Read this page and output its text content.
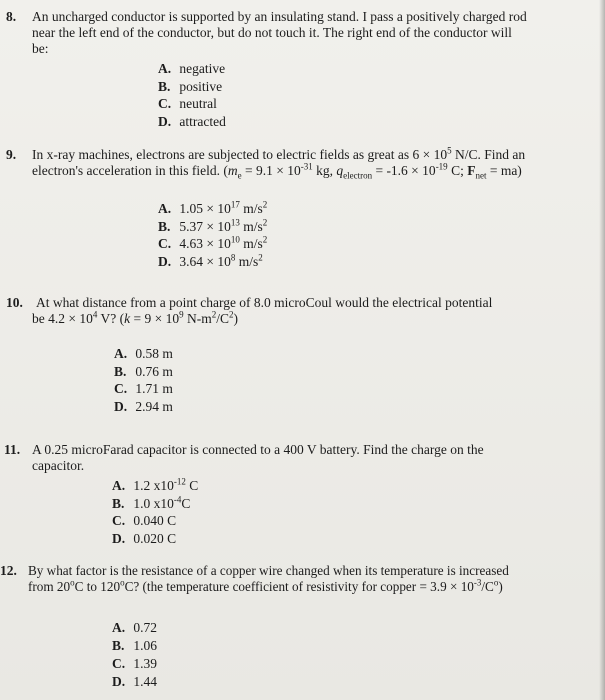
8. An uncharged conductor is supported by an insulating stand. I pass a positively charged rod
near the left end of the conductor, but do not touch it. The right end of the conductor will
be:
A. negative
B. positive
C. neutral
D. attracted
9. In x-ray machines, electrons are subjected to electric fields as great as $6 \times 10^5$ N/C. Find an
electron's acceleration in this field. ($m_e = 9.1 \times 10^{-31}$ kg, $q_{electron} = -1.6 \times 10^{-19}$ C; $F_{net} = ma$)
A. $1.05 \times 10^{17}$ $m/s^2$
B. $5.37 \times 10^{13}$ $m/s^2$
C. $4.63 \times 10^{10}$ $m/s^2$
D. $3.64 \times 10^8$ $m/s^2$
10. At what distance from a point charge of 8.0 microCoul would the electrical potential
be $4.2 \times 10^4$ V? ($k = 9 \times 10^9$ $N-m^2/C^2$)
A. 0.58 m
B. 0.76 m
C. 1.71 m
D. 2.94 m
11. A 0.25 microFarad capacitor is connected to a 400 V battery. Find the charge on the
capacitor.
A. 1.2 $x10^{-12}$ C
B. 1.0 $x10^{-4}C$
C. 0.040 C
D. 0.020 C
12. By what factor is the resistance of a copper wire changed when its temperature is increased
from 20$^o$C to 120$^o$C? (the temperature coefficient of resistivity for copper = $3.9 \times 10^{-3}/C^o$)
A. 0.72
B. 1.06
C. 1.39
D. 1.44
